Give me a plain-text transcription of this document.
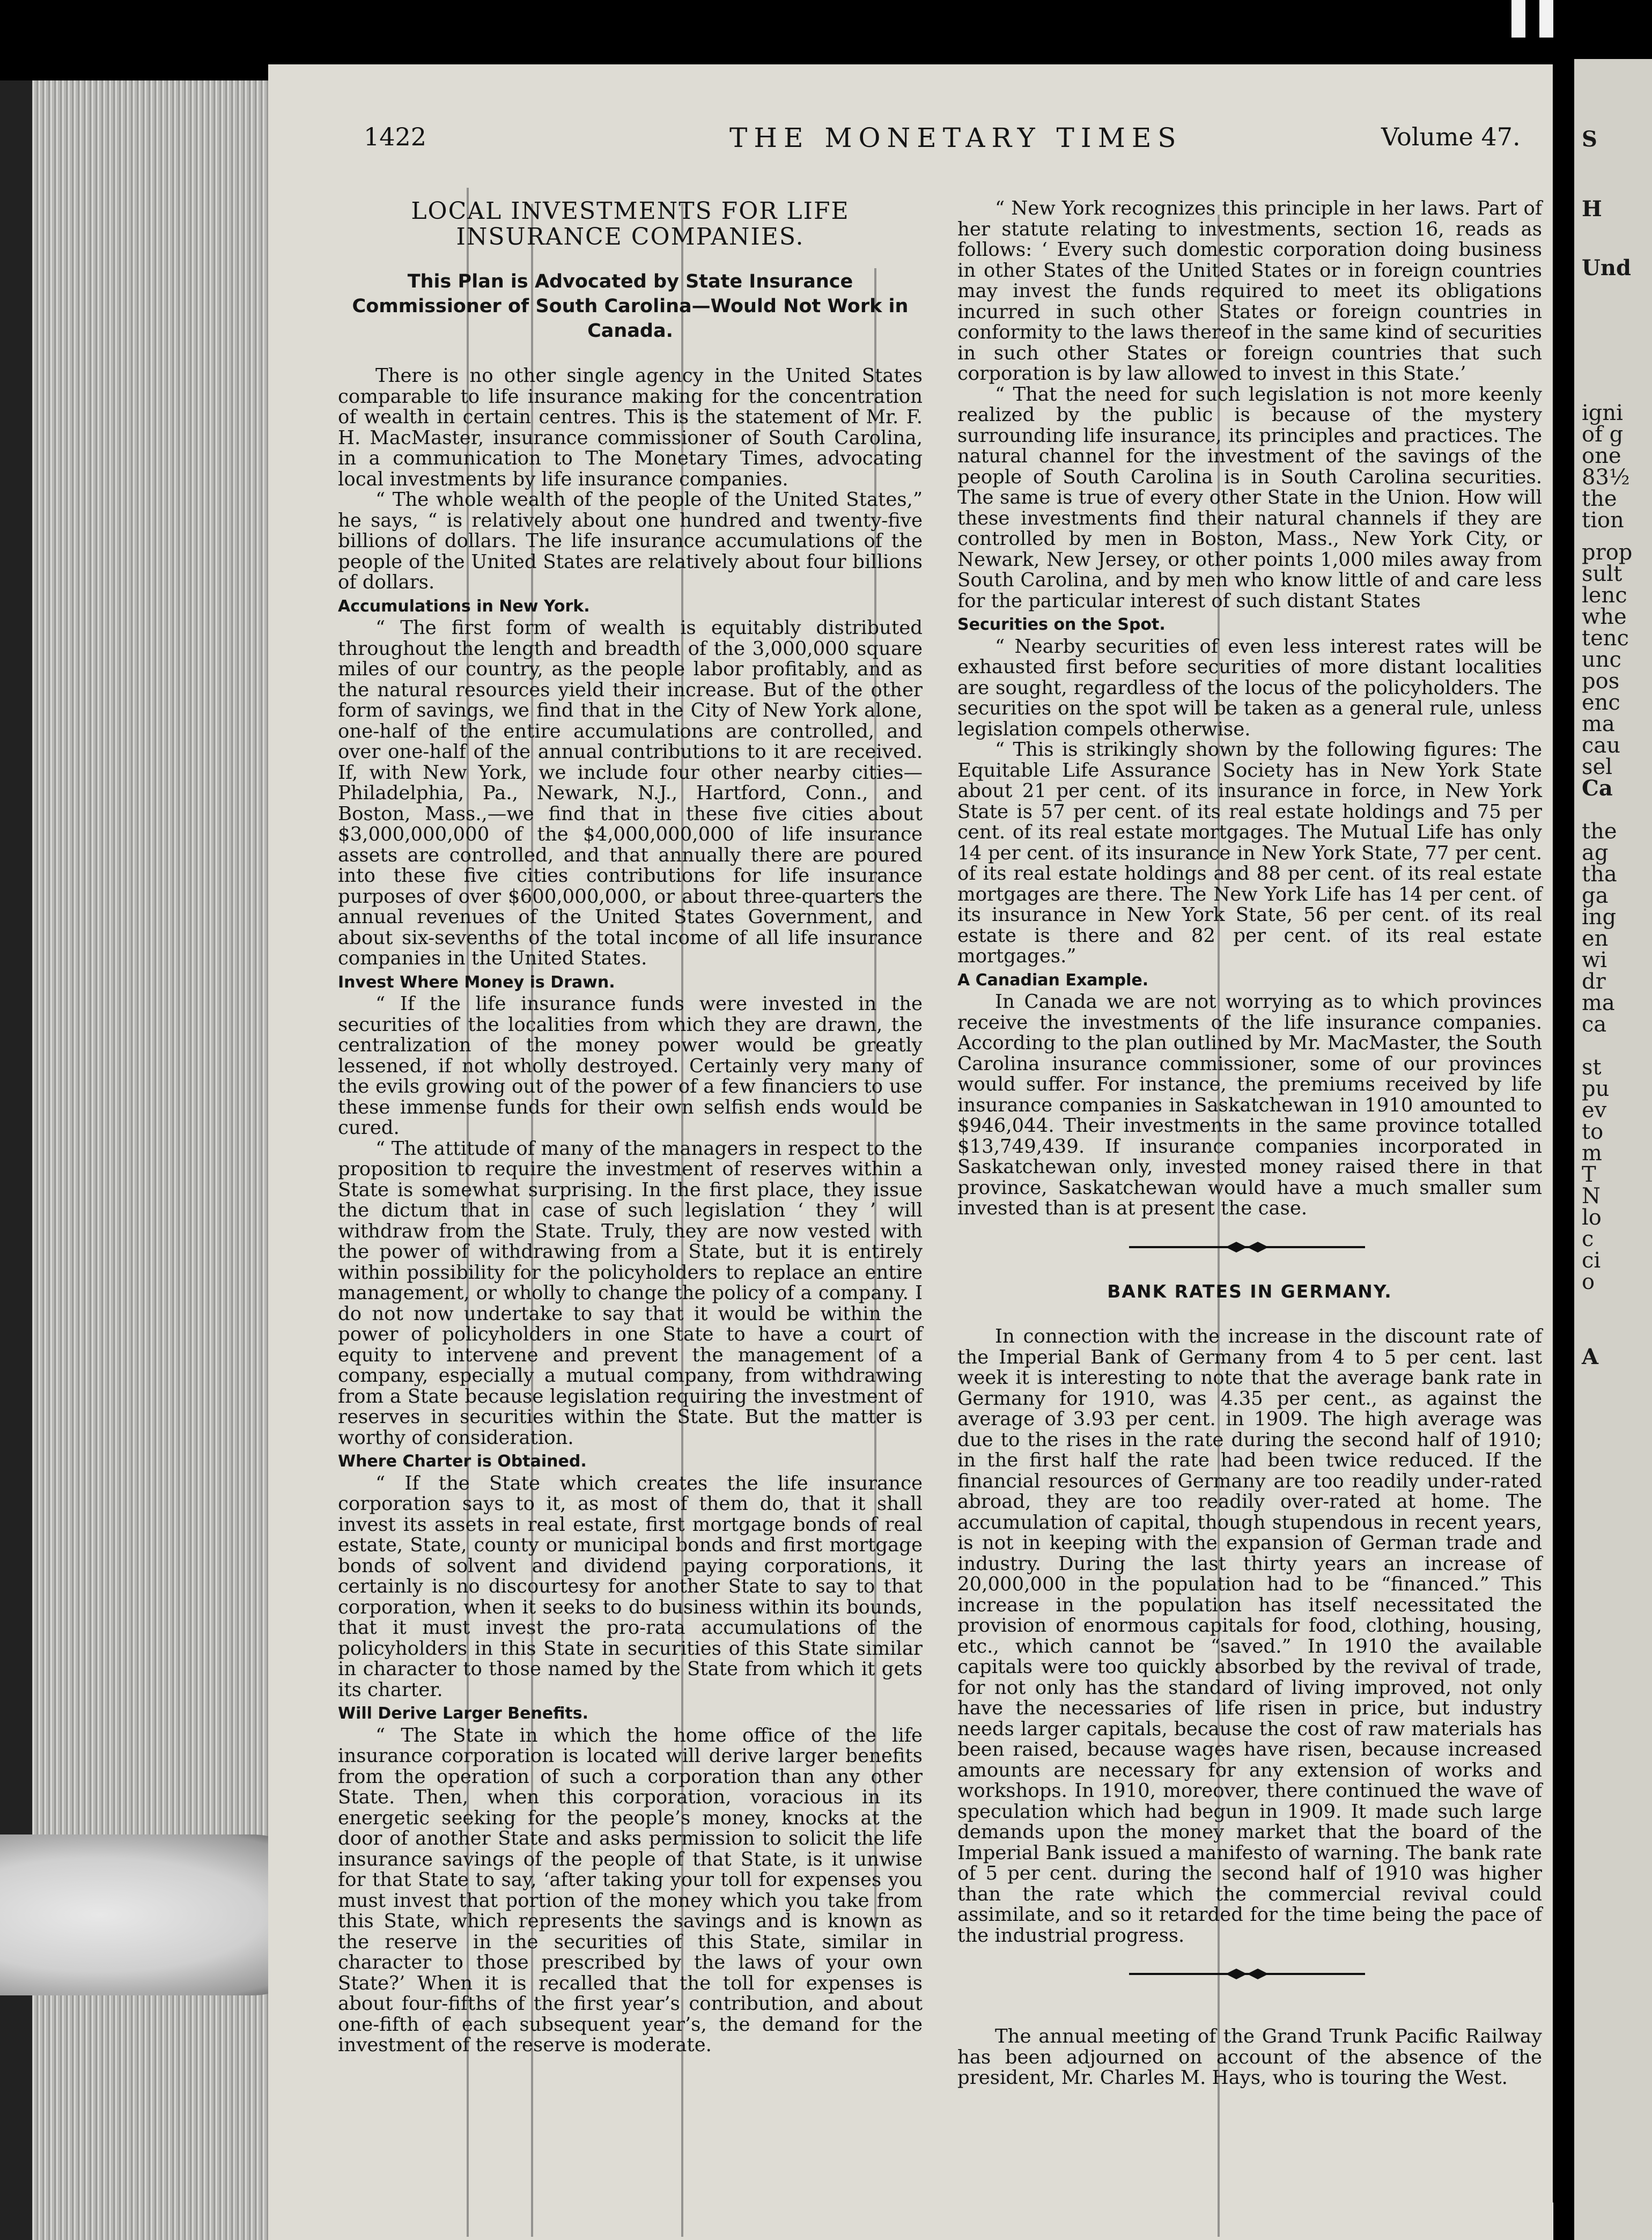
1422	THE MONETARY TIMES	Volume 47.
LOCAL INVESTMENTS FOR LIFE INSURANCE COMPANIES.
This Plan is Advocated by State Insurance Commissioner of South Carolina—Would Not Work in Canada.

There is no other single agency in the United States comparable to life insurance making for the concentration of wealth in certain centres. This is the statement of Mr. F. H. MacMaster, insurance commissioner of South Carolina, in a communication to The Monetary Times, advocating local investments by life insurance companies.

“ The whole wealth of the people of the United States,” he says, “ is relatively about one hundred and twenty-five billions of dollars. The life insurance accumulations of the people of the United States are relatively about four billions of dollars.

Accumulations in New York.

“ The first form of wealth is equitably distributed throughout the length and breadth of the 3,000,000 square miles of our country, as the people labor profitably, and as the natural resources yield their increase. But of the other form of savings, we find that in the City of New York alone, one-half of the entire accumulations are controlled, and over one-half of the annual contributions to it are received. If, with New York, we include four other nearby cities—Philadelphia, Pa., Newark, N.J., Hartford, Conn., and Boston, Mass.,—we find that in these five cities about $3,000,000,000 of the $4,000,000,000 of life insurance assets are controlled, and that annually there are poured into these five cities contributions for life insurance purposes of over $600,000,000, or about three-quarters the annual revenues of the United States Government, and about six-sevenths of the total income of all life insurance companies in the United States.

Invest Where Money is Drawn.

“ If the life insurance funds were invested in the securities of the localities from which they are drawn, the centralization of the money power would be greatly lessened, if not wholly destroyed. Certainly very many of the evils growing out of the power of a few financiers to use these immense funds for their own selfish ends would be cured.

“ The attitude of many of the managers in respect to the proposition to require the investment of reserves within a State is somewhat surprising. In the first place, they issue the dictum that in case of such legislation ‘ they ’ will withdraw from the State. Truly, they are now vested with the power of withdrawing from a State, but it is entirely within possibility for the policyholders to replace an entire management, or wholly to change the policy of a company. I do not now undertake to say that it would be within the power of policyholders in one State to have a court of equity to intervene and prevent the management of a company, especially a mutual company, from withdrawing from a State because legislation requiring the investment of reserves in securities within the State. But the matter is worthy of consideration.

Where Charter is Obtained.

“ If the State which creates the life insurance corporation says to it, as most of them do, that it shall invest its assets in real estate, first mortgage bonds of real estate, State, county or municipal bonds and first mortgage bonds of solvent and dividend paying corporations, it certainly is no discourtesy for another State to say to that corporation, when it seeks to do business within its bounds, that it must invest the pro-rata accumulations of the policyholders in this State in securities of this State similar in character to those named by the State from which it gets its charter.

Will Derive Larger Benefits.

“ The State in which the home office of the life insurance corporation is located will derive larger benefits from the operation of such a corporation than any other State. Then, when this corporation, voracious in its energetic seeking for the people’s money, knocks at the door of another State and asks permission to solicit the life insurance savings of the people of that State, is it unwise for that State to say, ‘after taking your toll for expenses you must invest that portion of the money which you take from this State, which represents the savings and is known as the reserve in the securities of this State, similar in character to those prescribed by the laws of your own State?’ When it is recalled that the toll for expenses is about four-fifths of the first year’s contribution, and about one-fifth of each subsequent year’s, the demand for the investment of the reserve is moderate.

“ New York recognizes this principle in her laws. Part of her statute relating to investments, section 16, reads as follows: ‘ Every such domestic corporation doing business in other States of the United States or in foreign countries may invest the funds required to meet its obligations incurred in such other States or foreign countries in conformity to the laws thereof in the same kind of securities in such other States or foreign countries that such corporation is by law allowed to invest in this State.’

“ That the need for such legislation is not more keenly realized by the public is because of the mystery surrounding life insurance, its principles and practices. The natural channel for the investment of the savings of the people of South Carolina is in South Carolina securities. The same is true of every other State in the Union. How will these investments find their natural channels if they are controlled by men in Boston, Mass., New York City, or Newark, New Jersey, or other points 1,000 miles away from South Carolina, and by men who know little of and care less for the particular interest of such distant States

Securities on the Spot.

“ Nearby securities of even less interest rates will be exhausted first before securities of more distant localities are sought, regardless of the locus of the policyholders. The securities on the spot will be taken as a general rule, unless legislation compels otherwise.

“ This is strikingly shown by the following figures: The Equitable Life Assurance Society has in New York State about 21 per cent. of its insurance in force, in New York State is 57 per cent. of its real estate holdings and 75 per cent. of its real estate mortgages. The Mutual Life has only 14 per cent. of its insurance in New York State, 77 per cent. of its real estate holdings and 88 per cent. of its real estate mortgages are there. The New York Life has 14 per cent. of its insurance in New York State, 56 per cent. of its real estate is there and 82 per cent. of its real estate mortgages.”

A Canadian Example.

In Canada we are not worrying as to which provinces receive the investments of the life insurance companies. According to the plan outlined by Mr. MacMaster, the South Carolina insurance commissioner, some of our provinces would suffer. For instance, the premiums received by life insurance companies in Saskatchewan in 1910 amounted to $946,044. Their investments in the same province totalled $13,749,439. If insurance companies incorporated in Saskatchewan only, invested money raised there in that province, Saskatchewan would have a much smaller sum invested than is at present the case.

BANK RATES IN GERMANY.

In connection with the increase in the discount rate of the Imperial Bank of Germany from 4 to 5 per cent. last week it is interesting to note that the average bank rate in Germany for 1910, was 4.35 per cent., as against the average of 3.93 per cent. in 1909. The high average was due to the rises in the rate during the second half of 1910; in the first half the rate had been twice reduced. If the financial resources of Germany are too readily under-rated abroad, they are too readily over-rated at home. The accumulation of capital, though stupendous in recent years, is not in keeping with the expansion of German trade and industry. During the last thirty years an increase of 20,000,000 in the population had to be “financed.” This increase in the population has itself necessitated the provision of enormous capitals for food, clothing, housing, etc., which cannot be “saved.” In 1910 the available capitals were too quickly absorbed by the revival of trade, for not only has the standard of living improved, not only have the necessaries of life risen in price, but industry needs larger capitals, because the cost of raw materials has been raised, because wages have risen, because increased amounts are necessary for any extension of works and workshops. In 1910, moreover, there continued the wave of speculation which had begun in 1909. It made such large demands upon the money market that the board of the Imperial Bank issued a manifesto of warning. The bank rate of 5 per cent. during the second half of 1910 was higher than the rate which the commercial revival could assimilate, and so it retarded for the time being the pace of the industrial progress.

The annual meeting of the Grand Trunk Pacific Railway has been adjourned on account of the absence of the president, Mr. Charles M. Hays, who is touring the West.

S
H
Und
igni
of g
one
83½
the
tion
prop
sult
lenc
whe
tenc
unc
pos
enc
ma
cau
sel
Ca
the
ag
tha
ga
ing
en
wi
dr
ma
ca
st
pu
ev
to
m
T
N
lo
c
ci
o
A
